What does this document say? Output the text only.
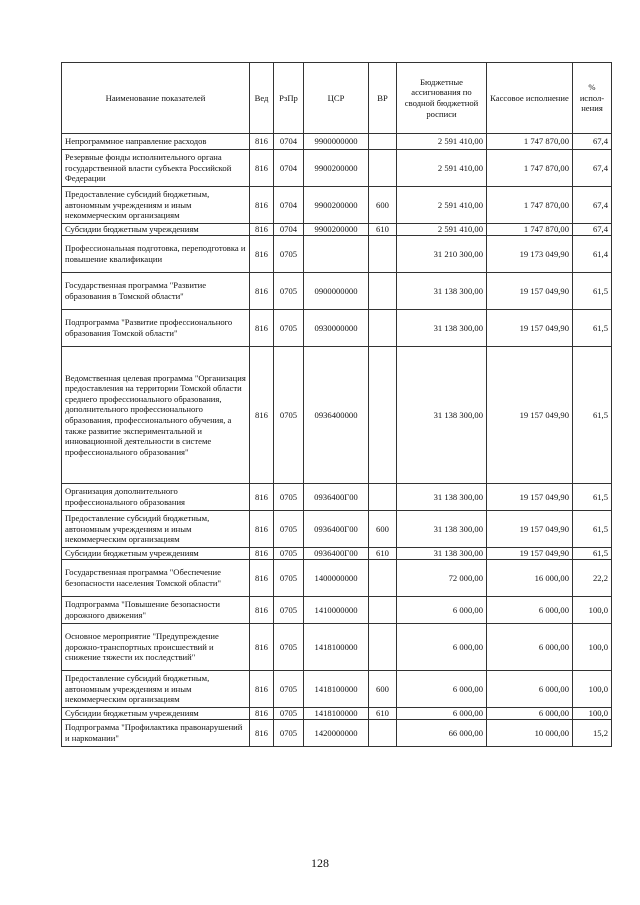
Наименование показателей	Вед	РзПр	ЦСР	ВР	Бюджетные ассигнования по сводной бюджетной росписи	Кассовое исполнение	% испол-нения
Непрограммное направление расходов	816	0704	9900000000		2 591 410,00	1 747 870,00	67,4
Резервные фонды исполнительного органа государственной власти субъекта Российской Федерации	816	0704	9900200000		2 591 410,00	1 747 870,00	67,4
Предоставление субсидий бюджетным, автономным учреждениям и иным некоммерческим организациям	816	0704	9900200000	600	2 591 410,00	1 747 870,00	67,4
Субсидии бюджетным учреждениям	816	0704	9900200000	610	2 591 410,00	1 747 870,00	67,4
Профессиональная подготовка, переподготовка и повышение квалификации	816	0705			31 210 300,00	19 173 049,90	61,4
Государственная программа "Развитие образования в Томской области"	816	0705	0900000000		31 138 300,00	19 157 049,90	61,5
Подпрограмма "Развитие профессионального образования Томской области"	816	0705	0930000000		31 138 300,00	19 157 049,90	61,5
Ведомственная целевая программа "Организация предоставления на территории Томской области среднего профессионального образования, дополнительного профессионального образования, профессионального обучения, а также развитие экспериментальной и инновационной деятельности в системе профессионального образования"	816	0705	0936400000		31 138 300,00	19 157 049,90	61,5
Организация дополнительного профессионального образования	816	0705	0936400Г00		31 138 300,00	19 157 049,90	61,5
Предоставление субсидий бюджетным, автономным учреждениям и иным некоммерческим организациям	816	0705	0936400Г00	600	31 138 300,00	19 157 049,90	61,5
Субсидии бюджетным учреждениям	816	0705	0936400Г00	610	31 138 300,00	19 157 049,90	61,5
Государственная программа "Обеспечение безопасности населения Томской области"	816	0705	1400000000		72 000,00	16 000,00	22,2
Подпрограмма "Повышение безопасности дорожного движения"	816	0705	1410000000		6 000,00	6 000,00	100,0
Основное мероприятие "Предупреждение дорожно-транспортных происшествий и снижение тяжести их последствий"	816	0705	1418100000		6 000,00	6 000,00	100,0
Предоставление субсидий бюджетным, автономным учреждениям и иным некоммерческим организациям	816	0705	1418100000	600	6 000,00	6 000,00	100,0
Субсидии бюджетным учреждениям	816	0705	1418100000	610	6 000,00	6 000,00	100,0
Подпрограмма "Профилактика правонарушений и наркомании"	816	0705	1420000000		66 000,00	10 000,00	15,2
128
